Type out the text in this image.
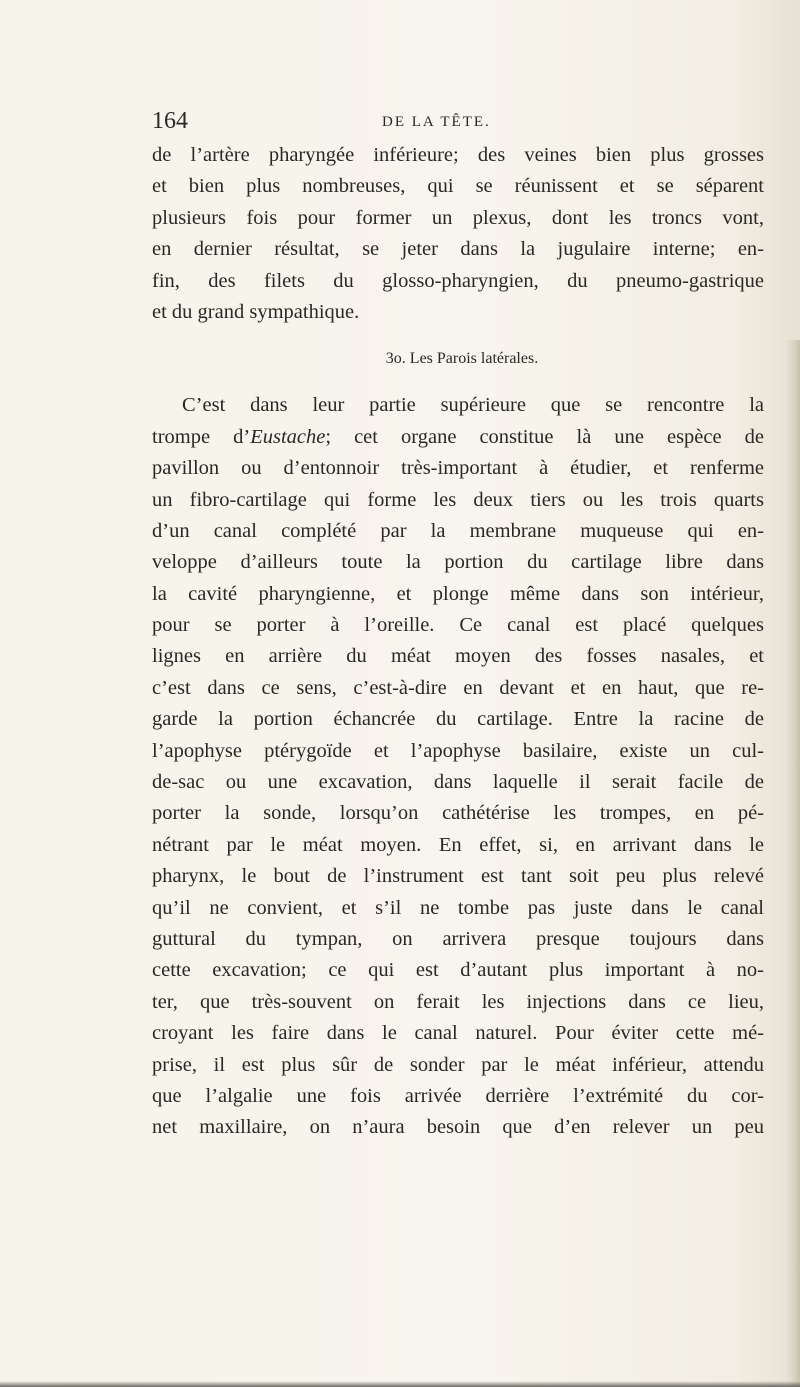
164	DE LA TÊTE.
de l’artère pharyngée inférieure; des veines bien plus grosses
et bien plus nombreuses, qui se réunissent et se séparent
plusieurs fois pour former un plexus, dont les troncs vont,
en dernier résultat, se jeter dans la jugulaire interne; en-
fin, des filets du glosso-pharyngien, du pneumo-gastrique
et du grand sympathique.
3o. Les Parois latérales.
C’est dans leur partie supérieure que se rencontre la
trompe d’Eustache; cet organe constitue là une espèce de
pavillon ou d’entonnoir très-important à étudier, et renferme
un fibro-cartilage qui forme les deux tiers ou les trois quarts
d’un canal complété par la membrane muqueuse qui en-
veloppe d’ailleurs toute la portion du cartilage libre dans
la cavité pharyngienne, et plonge même dans son intérieur,
pour se porter à l’oreille. Ce canal est placé quelques
lignes en arrière du méat moyen des fosses nasales, et
c’est dans ce sens, c’est-à-dire en devant et en haut, que re-
garde la portion échancrée du cartilage. Entre la racine de
l’apophyse ptérygoïde et l’apophyse basilaire, existe un cul-
de-sac ou une excavation, dans laquelle il serait facile de
porter la sonde, lorsqu’on cathétérise les trompes, en pé-
nétrant par le méat moyen. En effet, si, en arrivant dans le
pharynx, le bout de l’instrument est tant soit peu plus relevé
qu’il ne convient, et s’il ne tombe pas juste dans le canal
guttural du tympan, on arrivera presque toujours dans
cette excavation; ce qui est d’autant plus important à no-
ter, que très-souvent on ferait les injections dans ce lieu,
croyant les faire dans le canal naturel. Pour éviter cette mé-
prise, il est plus sûr de sonder par le méat inférieur, attendu
que l’algalie une fois arrivée derrière l’extrémité du cor-
net maxillaire, on n’aura besoin que d’en relever un peu
